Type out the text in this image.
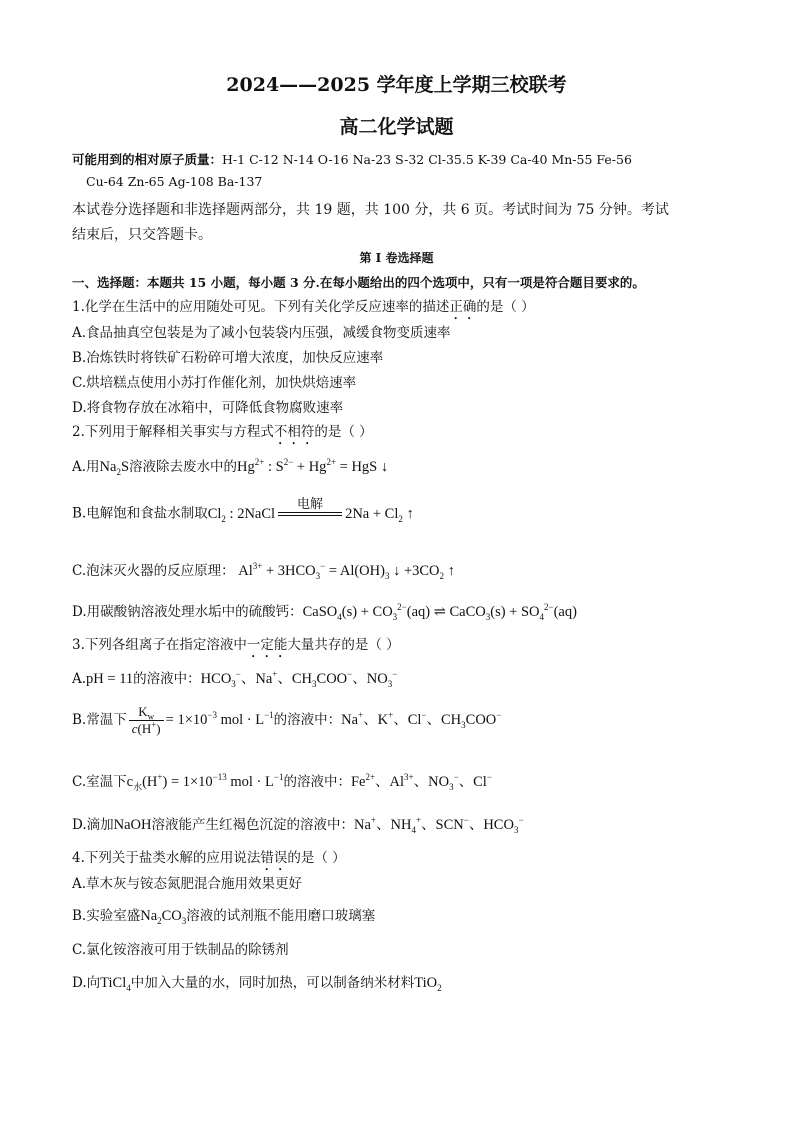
2024——2025 学年度上学期三校联考
高二化学试题
可能用到的相对原子质量：H-1 C-12 N-14 O-16 Na-23 S-32 Cl-35.5 K-39 Ca-40 Mn-55 Fe-56
Cu-64 Zn-65 Ag-108 Ba-137
本试卷分选择题和非选择题两部分，共 19 题，共 100 分，共 6 页。考试时间为 75 分钟。考试
结束后，只交答题卡。
第 I 卷选择题
一、选择题：本题共 15 小题，每小题 3 分.在每小题给出的四个选项中，只有一项是符合题目要求的。
1.化学在生活中的应用随处可见。下列有关化学反应速率的描述正确的是（ ）
A.食品抽真空包装是为了减小包装袋内压强，减缓食物变质速率
B.冶炼铁时将铁矿石粉碎可增大浓度，加快反应速率
C.烘培糕点使用小苏打作催化剂，加快烘焙速率
D.将食物存放在冰箱中，可降低食物腐败速率
2.下列用于解释相关事实与方程式不相符的是（ ）
A.用$Na_2S$溶液除去废水中的$Hg^{2+}$ : $S^{2-} + Hg^{2+}$ = HgS ↓
B.电解饱和食盐水制取$Cl_2$ : 2NaCl
电解

$2Na + Cl_2$ ↑
C.泡沫灭火器的反应原理： $Al^{3+} + 3HCO_3^- = Al(OH)_3$ ↓ $+3CO_2$ ↑
D.用碳酸钠溶液处理水垢中的硫酸钙：CaSO$_4$(s) + $CO_3^{2-}(aq)$ ⇌ CaCO$_3$(s) + $SO_4^{2-}(aq)$
3.下列各组离子在指定溶液中一定能大量共存的是（ ）
A.pH = 11的溶液中：$HCO_3^-$、Na+、$CH_3COO^-$、$NO_3^-$
B.常温下 $\frac{K_w}{c(H^+)} = 1\times 10^{-3}$ mol · $L^{-1}$的溶液中：Na+、K+、Cl−、$CH_3COO^-$
C.室温下$c_水(H^+) = 1\times 10^{-13}$ mol · $L^{-1}$的溶液中：$Fe^{2+}$、$Al^{3+}$、$NO_3^-$、Cl−
D.滴加NaOH溶液能产生红褐色沉淀的溶液中：Na+、$NH_4^+$、SCN−、$HCO_3^-$
4.下列关于盐类水解的应用说法错误的是（ ）
A.草木灰与铵态氮肥混合施用效果更好
B.实验室盛$Na_2CO_3$溶液的试剂瓶不能用磨口玻璃塞
C.氯化铵溶液可用于铁制品的除锈剂
D.向TiCl$_4$中加入大量的水，同时加热，可以制备纳米材料TiO$_2$
